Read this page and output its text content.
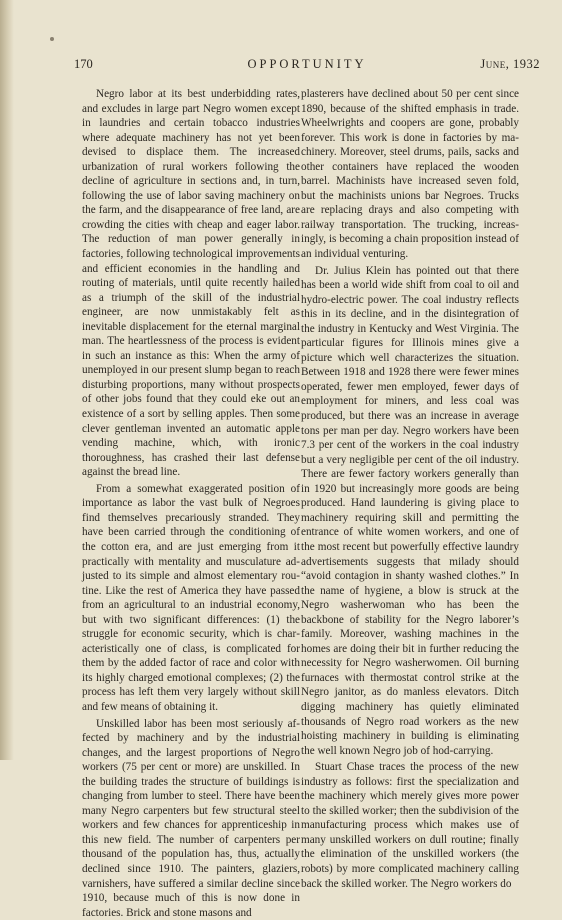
170	OPPORTUNITY	June, 1932

Negro labor at its best underbidding rates, and excludes in large part Negro women except in laundries and certain tobacco industries where adequate machinery has not yet been devised to displace them. The increased urbanization of rural workers following the decline of agriculture in sections and, in turn, following the use of labor saving machinery on the farm, and the disappearance of free land, are crowding the cities with cheap and eager labor. The reduction of man power generally in factories, following technological improvements and efficient economies in the handling and routing of materials, until quite recently hailed as a triumph of the skill of the industrial engineer, are now unmistakably felt as inevitable displacement for the eternal marginal man. The heartlessness of the process is evident in such an instance as this: When the army of unemployed in our present slump began to reach disturbing proportions, many without prospects of other jobs found that they could eke out an existence of a sort by selling apples. Then some clever gentleman invented an automatic apple vending machine, which, with ironic thoroughness, has crashed their last defense against the bread line.

From a somewhat exaggerated position of importance as labor the vast bulk of Negroes find themselves precariously stranded. They have been carried through the conditioning of the cotton era, and are just emerging from it practically with mentality and musculature adjusted to its simple and almost elementary routine. Like the rest of America they have passed from an agricultural to an industrial economy, but with two significant differences: (1) the struggle for economic security, which is characteristically one of class, is complicated for them by the added factor of race and color with its highly charged emotional complexes; (2) the process has left them very largely without skill and few means of obtaining it.

Unskilled labor has been most seriously affected by machinery and by the industrial changes, and the largest proportions of Negro workers (75 per cent or more) are unskilled. In the building trades the structure of buildings is changing from lumber to steel. There have been many Negro carpenters but few structural steel workers and few chances for apprenticeship in this new field. The number of carpenters per thousand of the population has, thus, actually declined since 1910. The painters, glaziers, varnishers, have suffered a similar decline since 1910, because much of this is now done in factories. Brick and stone masons and

plasterers have declined about 50 per cent since 1890, because of the shifted emphasis in trade. Wheelwrights and coopers are gone, probably forever. This work is done in factories by machinery. Moreover, steel drums, pails, sacks and other containers have replaced the wooden barrel. Machinists have increased seven fold, but the machinists unions bar Negroes. Trucks are replacing drays and also competing with railway transportation. The trucking, increasingly, is becoming a chain proposition instead of an individual venturing.

Dr. Julius Klein has pointed out that there has been a world wide shift from coal to oil and hydro-electric power. The coal industry reflects this in its decline, and in the disintegration of the industry in Kentucky and West Virginia. The particular figures for Illinois mines give a picture which well characterizes the situation. Between 1918 and 1928 there were fewer mines operated, fewer men employed, fewer days of employment for miners, and less coal was produced, but there was an increase in average tons per man per day. Negro workers have been 7.3 per cent of the workers in the coal industry but a very negligible per cent of the oil industry. There are fewer factory workers generally than in 1920 but increasingly more goods are being produced. Hand laundering is giving place to machinery requiring skill and permitting the entrance of white women workers, and one of the most recent but powerfully effective laundry advertisements suggests that milady should “avoid contagion in shanty washed clothes.” In the name of hygiene, a blow is struck at the Negro washerwoman who has been the backbone of stability for the Negro laborer’s family. Moreover, washing machines in the homes are doing their bit in further reducing the necessity for Negro washerwomen. Oil burning furnaces with thermostat control strike at the Negro janitor, as do manless elevators. Ditch digging machinery has quietly eliminated thousands of Negro road workers as the new hoisting machinery in building is eliminating the well known Negro job of hod-carrying.

Stuart Chase traces the process of the new industry as follows: first the specialization and the machinery which merely gives more power to the skilled worker; then the subdivision of the manufacturing process which makes use of many unskilled workers on dull routine; finally the elimination of the unskilled workers (the robots) by more complicated machinery calling back the skilled worker. The Negro workers do
